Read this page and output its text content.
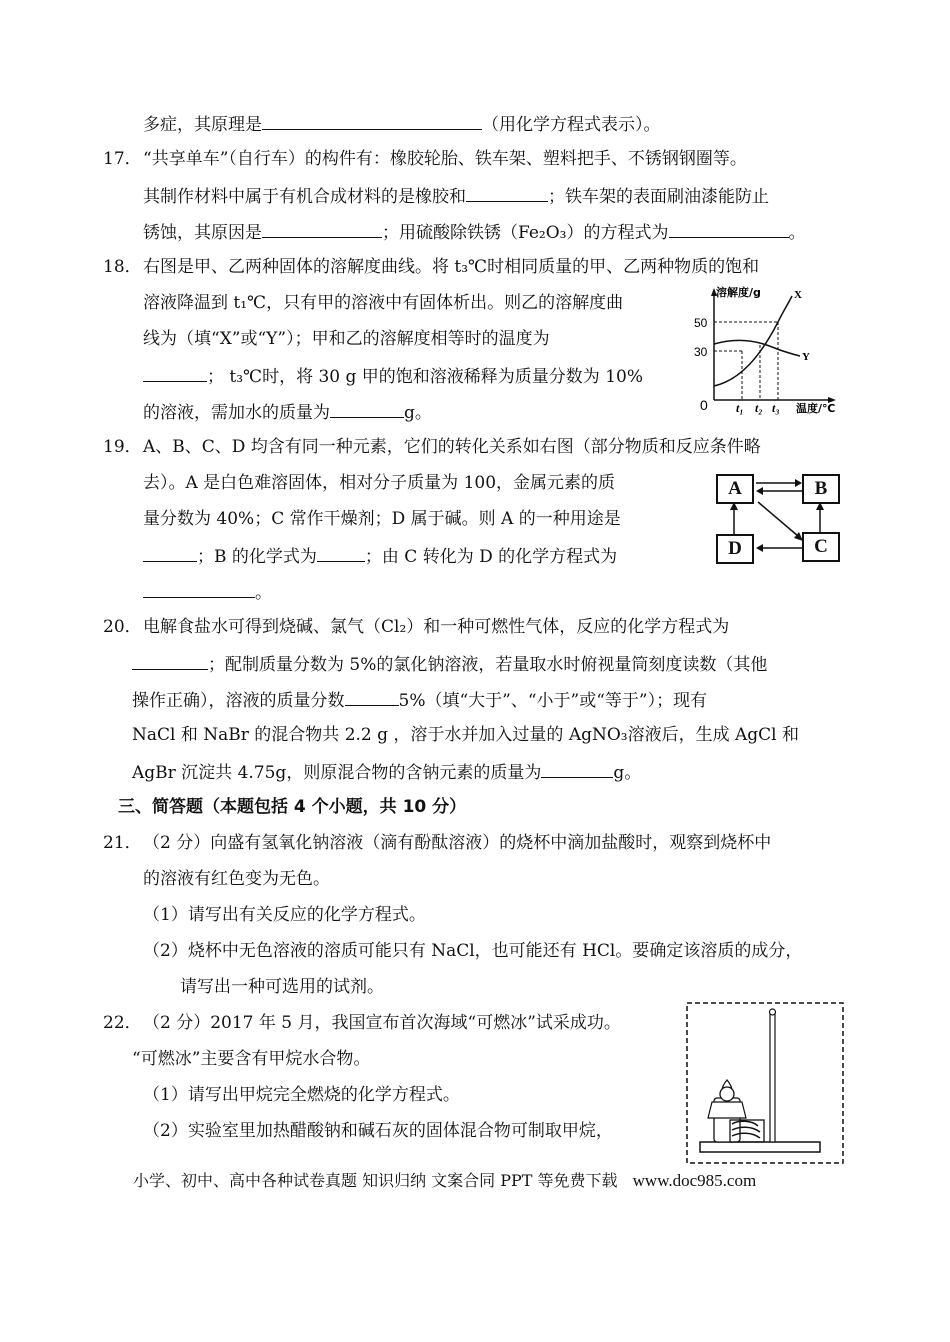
多症，其原理是	（用化学方程式表示）。
17．“共享单车”（自行车）的构件有：橡胶轮胎、铁车架、塑料把手、不锈钢钢圈等。
其制作材料中属于有机合成材料的是橡胶和	；铁车架的表面刷油漆能防止
锈蚀，其原因是	；用硫酸除铁锈（Fe₂O₃）的方程式为	。
18．右图是甲、乙两种固体的溶解度曲线。将 t₃℃时相同质量的甲、乙两种物质的饱和
溶液降温到 t₁℃，只有甲的溶液中有固体析出。则乙的溶解度曲
线为（填“X”或“Y”）；甲和乙的溶解度相等时的温度为
； t₃℃时，将 30 g 甲的饱和溶液稀释为质量分数为 10%
的溶液，需加水的质量为	g。
溶解度/g	X
50
30
0
Y
t₁ t₂ t₃ 温度/℃
19．A、B、C、D 均含有同一种元素，它们的转化关系如右图（部分物质和反应条件略
去）。A 是白色难溶固体，相对分子质量为 100，金属元素的质
量分数为 40%；C 常作干燥剂；D 属于碱。则 A 的一种用途是
；B 的化学式为	；由 C 转化为 D 的化学方程式为
。
A	B
D	C
20．电解食盐水可得到烧碱、氯气（Cl₂）和一种可燃性气体，反应的化学方程式为
；配制质量分数为 5%的氯化钠溶液，若量取水时俯视量筒刻度读数（其他
操作正确），溶液的质量分数	5%（填“大于”、“小于”或“等于”）；现有
NaCl 和 NaBr 的混合物共 2.2 g ，溶于水并加入过量的 AgNO₃溶液后，生成 AgCl 和
AgBr 沉淀共 4.75g，则原混合物的含钠元素的质量为	g。
三、简答题（本题包括 4 个小题，共 10 分）
21．（2 分）向盛有氢氧化钠溶液（滴有酚酞溶液）的烧杯中滴加盐酸时，观察到烧杯中
的溶液有红色变为无色。
（1）请写出有关反应的化学方程式。
（2）烧杯中无色溶液的溶质可能只有 NaCl，也可能还有 HCl。要确定该溶质的成分，
请写出一种可选用的试剂。
22．（2 分）2017 年 5 月，我国宣布首次海域“可燃冰”试采成功。
“可燃冰”主要含有甲烷水合物。
（1）请写出甲烷完全燃烧的化学方程式。
（2）实验室里加热醋酸钠和碱石灰的固体混合物可制取甲烷，
小学、初中、高中各种试卷真题 知识归纳 文案合同 PPT 等免费下载 www.doc985.com
